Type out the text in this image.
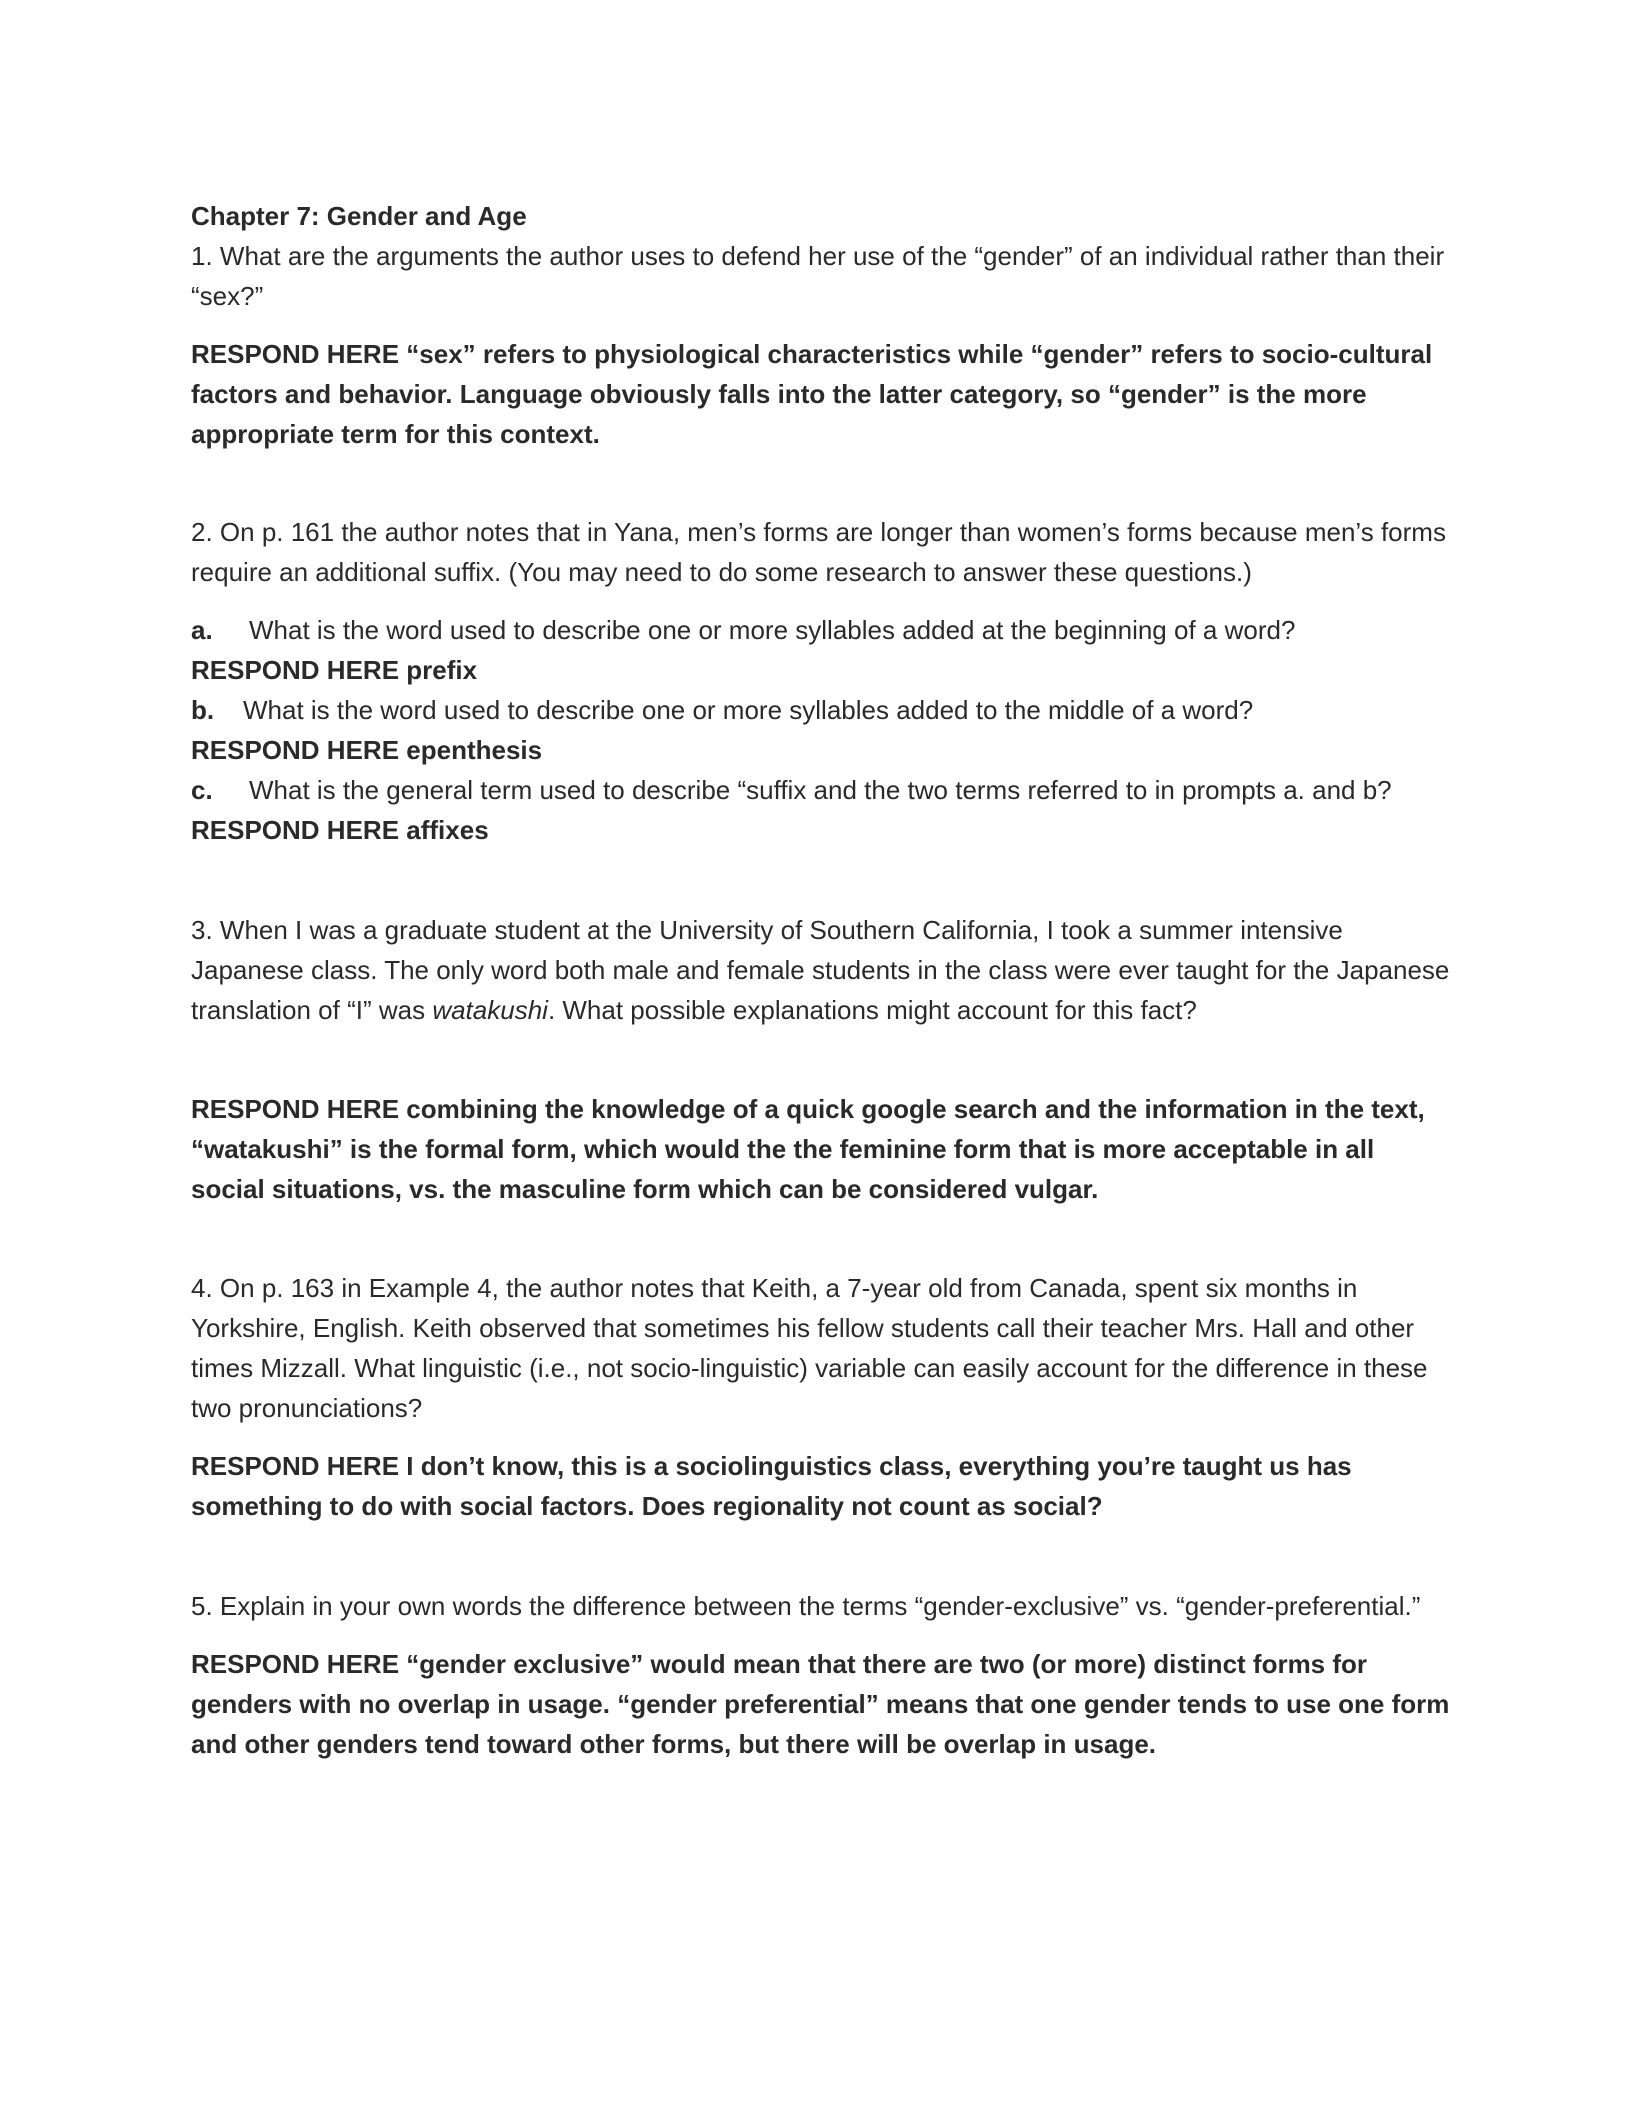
Chapter 7: Gender and Age

1. What are the arguments the author uses to defend her use of the “gender” of an individual rather than their “sex?”

RESPOND HERE “sex” refers to physiological characteristics while “gender” refers to socio-cultural factors and behavior. Language obviously falls into the latter category, so “gender” is the more appropriate term for this context.

2. On p. 161 the author notes that in Yana, men’s forms are longer than women’s forms because men’s forms require an additional suffix. (You may need to do some research to answer these questions.)

a. What is the word used to describe one or more syllables added at the beginning of a word?

RESPOND HERE prefix

b. What is the word used to describe one or more syllables added to the middle of a word?

RESPOND HERE epenthesis

c. What is the general term used to describe “suffix and the two terms referred to in prompts a. and b?

RESPOND HERE affixes

3. When I was a graduate student at the University of Southern California, I took a summer intensive Japanese class. The only word both male and female students in the class were ever taught for the Japanese translation of “I” was watakushi. What possible explanations might account for this fact?

RESPOND HERE combining the knowledge of a quick google search and the information in the text, “watakushi” is the formal form, which would the the feminine form that is more acceptable in all social situations, vs. the masculine form which can be considered vulgar.

4. On p. 163 in Example 4, the author notes that Keith, a 7-year old from Canada, spent six months in Yorkshire, English. Keith observed that sometimes his fellow students call their teacher Mrs. Hall and other times Mizzall. What linguistic (i.e., not socio-linguistic) variable can easily account for the difference in these two pronunciations?

RESPOND HERE I don’t know, this is a sociolinguistics class, everything you’re taught us has something to do with social factors. Does regionality not count as social?

5. Explain in your own words the difference between the terms “gender-exclusive” vs. “gender-preferential.”

RESPOND HERE “gender exclusive” would mean that there are two (or more) distinct forms for genders with no overlap in usage. “gender preferential” means that one gender tends to use one form and other genders tend toward other forms, but there will be overlap in usage.
